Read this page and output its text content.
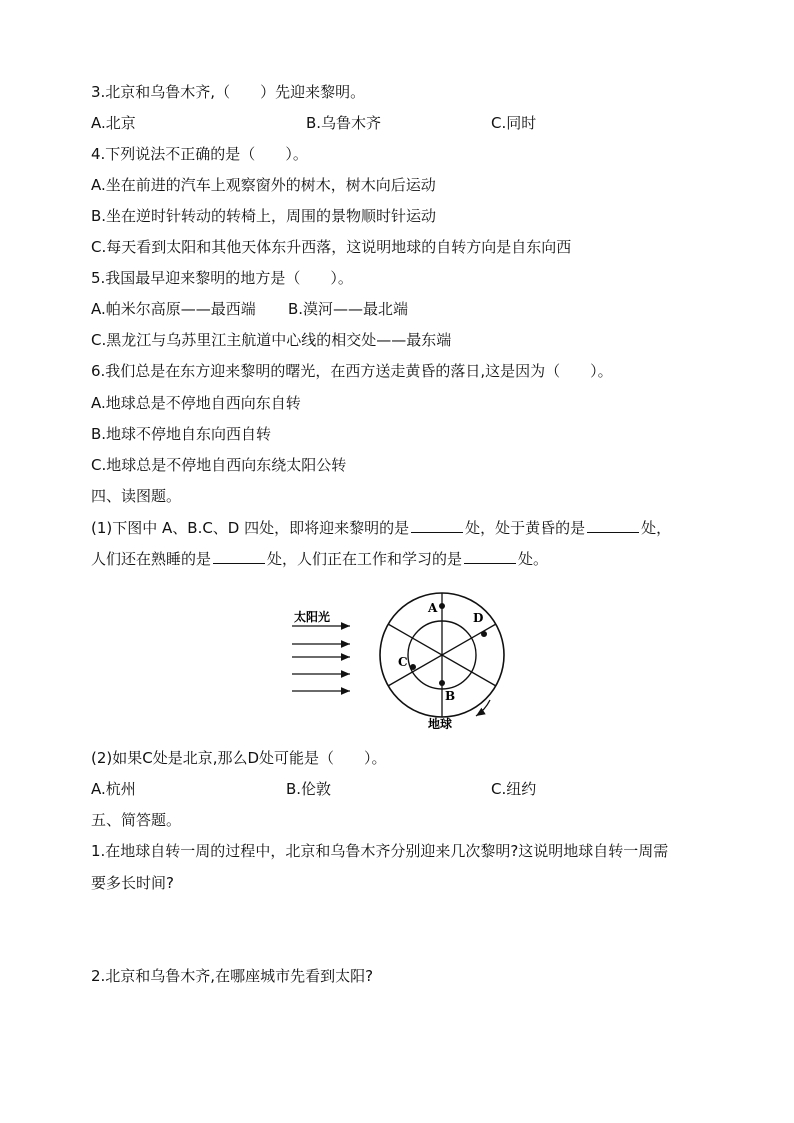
3.北京和乌鲁木齐,（　　）先迎来黎明。
A.北京	B.乌鲁木齐	C.同时
4.下列说法不正确的是（　　）。
A.坐在前进的汽车上观察窗外的树木，树木向后运动
B.坐在逆时针转动的转椅上，周围的景物顺时针运动
C.每天看到太阳和其他天体东升西落，这说明地球的自转方向是自东向西
5.我国最早迎来黎明的地方是（　　）。
A.帕米尔高原——最西端 B.漠河——最北端
C.黑龙江与乌苏里江主航道中心线的相交处——最东端
6.我们总是在东方迎来黎明的曙光，在西方送走黄昏的落日,这是因为（　　）。
A.地球总是不停地自西向东自转
B.地球不停地自东向西自转
C.地球总是不停地自西向东绕太阳公转
四、读图题。
(1)下图中 A、B.C、D 四处，即将迎来黎明的是	处，处于黄昏的是	处，
人们还在熟睡的是	处，人们正在工作和学习的是	处。
太阳光
A
B
C
D
地球
(2)如果C处是北京,那么D处可能是（　　）。
A.杭州	B.伦敦	C.纽约
五、简答题。
1.在地球自转一周的过程中，北京和乌鲁木齐分别迎来几次黎明?这说明地球自转一周需
要多长时间?
2.北京和乌鲁木齐,在哪座城市先看到太阳?
